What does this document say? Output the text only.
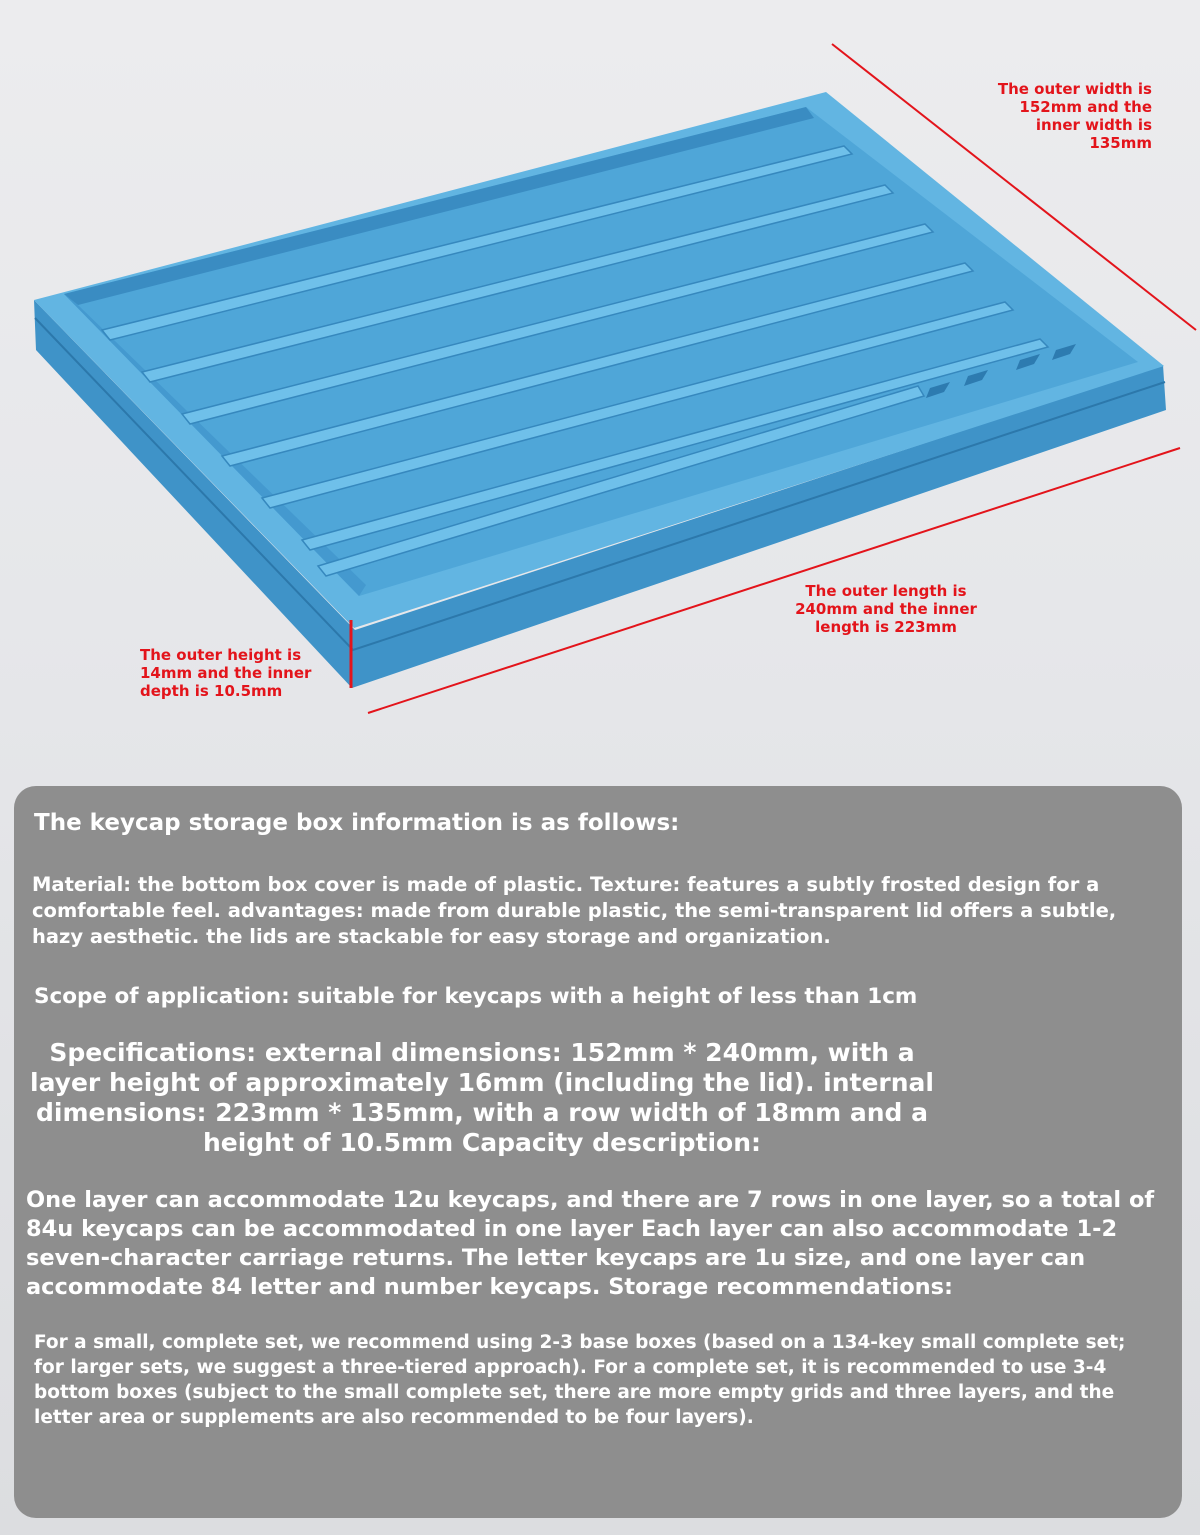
The outer width is 152mm and the inner width is 135mm
The outer length is 240mm and the inner length is 223mm
The outer height is 14mm and the inner depth is 10.5mm

The keycap storage box information is as follows:

Material: the bottom box cover is made of plastic. Texture: features a subtly frosted design for a comfortable feel. advantages: made from durable plastic, the semi-transparent lid offers a subtle, hazy aesthetic. the lids are stackable for easy storage and organization.

Scope of application: suitable for keycaps with a height of less than 1cm

Specifications: external dimensions: 152mm * 240mm, with a layer height of approximately 16mm (including the lid). internal dimensions: 223mm * 135mm, with a row width of 18mm and a height of 10.5mm Capacity description:

One layer can accommodate 12u keycaps, and there are 7 rows in one layer, so a total of 84u keycaps can be accommodated in one layer Each layer can also accommodate 1-2 seven-character carriage returns. The letter keycaps are 1u size, and one layer can accommodate 84 letter and number keycaps. Storage recommendations:

For a small, complete set, we recommend using 2-3 base boxes (based on a 134-key small complete set; for larger sets, we suggest a three-tiered approach). For a complete set, it is recommended to use 3-4 bottom boxes (subject to the small complete set, there are more empty grids and three layers, and the letter area or supplements are also recommended to be four layers).
